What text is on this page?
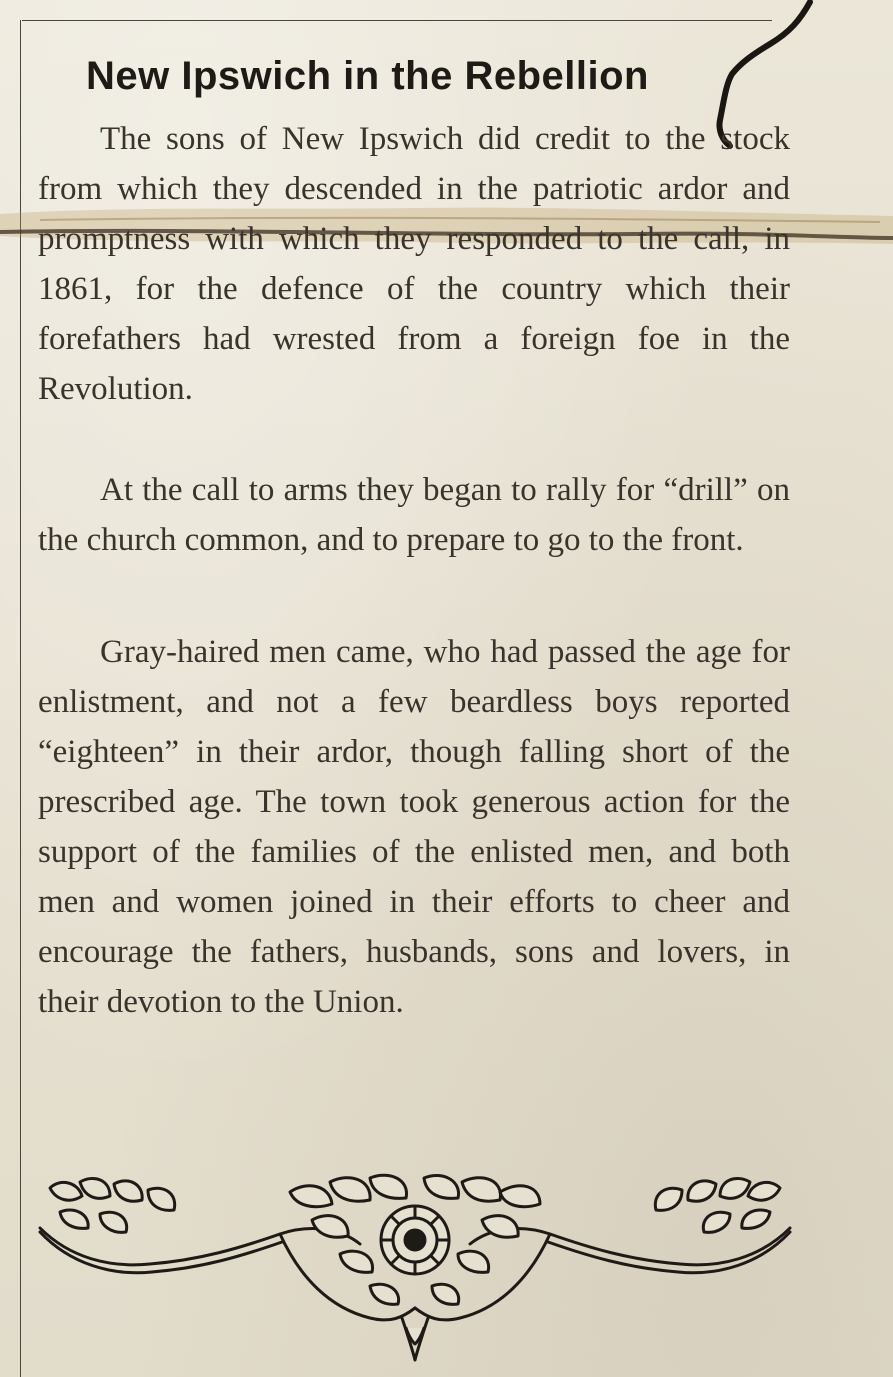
New Ipswich in the Rebellion

The sons of New Ipswich did credit to the stock from which they descended in the patriotic ardor and promptness with which they responded to the call, in 1861, for the defence of the country which their forefathers had wrested from a foreign foe in the Revolution.

At the call to arms they began to rally for “drill” on the church common, and to prepare to go to the front.

Gray-haired men came, who had passed the age for enlistment, and not a few beardless boys reported “eighteen” in their ardor, though falling short of the prescribed age. The town took generous action for the support of the families of the enlisted men, and both men and women joined in their efforts to cheer and encourage the fathers, husbands, sons and lovers, in their devotion to the Union.
